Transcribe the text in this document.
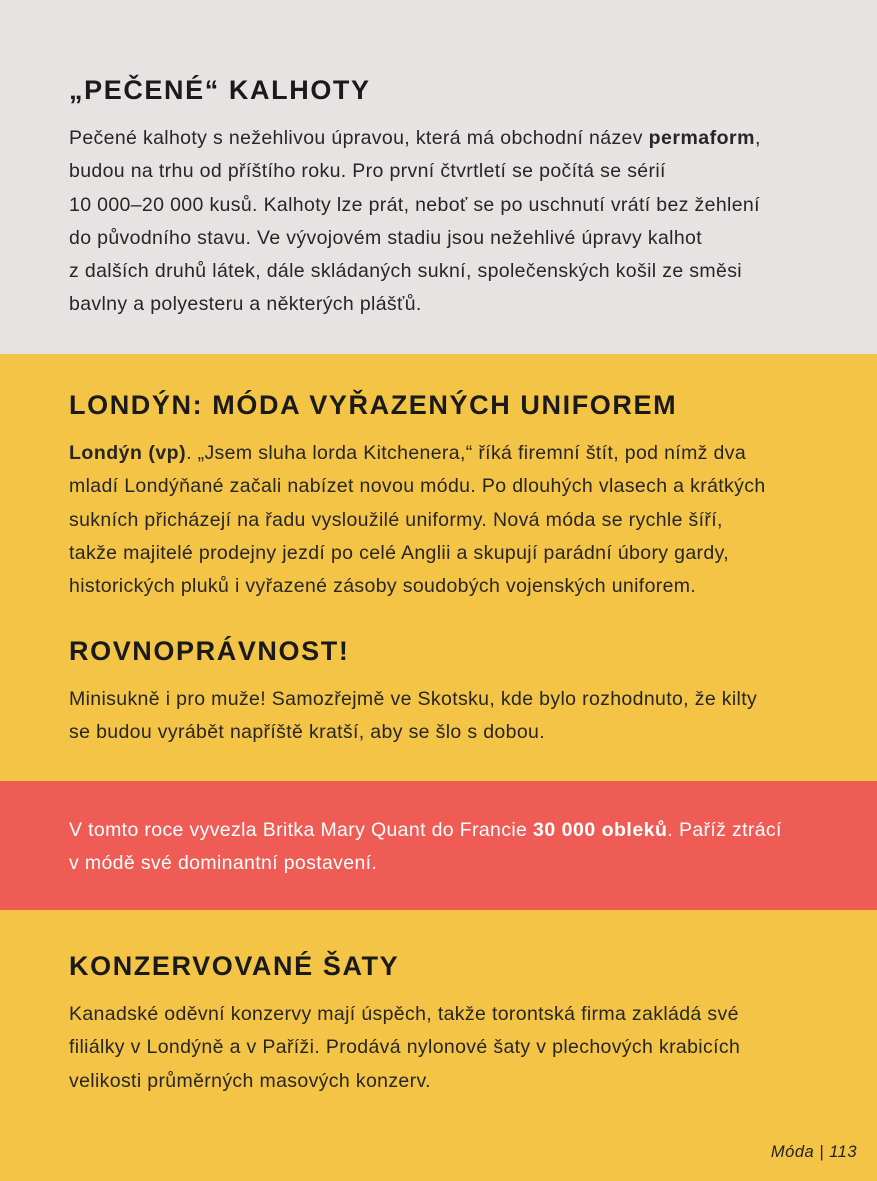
„PEČENÉ“ KALHOTY

Pečené kalhoty s nežehlivou úpravou, která má obchodní název permaform,
budou na trhu od příštího roku. Pro první čtvrtletí se počítá se sérií
10 000–20 000 kusů. Kalhoty lze prát, neboť se po uschnutí vrátí bez žehlení
do původního stavu. Ve vývojovém stadiu jsou nežehlivé úpravy kalhot
z dalších druhů látek, dále skládaných sukní, společenských košil ze směsi
bavlny a polyesteru a některých plášťů.

LONDÝN: MÓDA VYŘAZENÝCH UNIFOREM

Londýn (vp). „Jsem sluha lorda Kitchenera,“ říká firemní štít, pod nímž dva
mladí Londýňané začali nabízet novou módu. Po dlouhých vlasech a krátkých
sukních přicházejí na řadu vysloužilé uniformy. Nová móda se rychle šíří,
takže majitelé prodejny jezdí po celé Anglii a skupují parádní úbory gardy,
historických pluků i vyřazené zásoby soudobých vojenských uniforem.

ROVNOPRÁVNOST!

Minisukně i pro muže! Samozřejmě ve Skotsku, kde bylo rozhodnuto, že kilty
se budou vyrábět napříště kratší, aby se šlo s dobou.

V tomto roce vyvezla Britka Mary Quant do Francie 30 000 obleků. Paříž ztrácí
v módě své dominantní postavení.

KONZERVOVANÉ ŠATY

Kanadské oděvní konzervy mají úspěch, takže torontská firma zakládá své
filiálky v Londýně a v Paříži. Prodává nylonové šaty v plechových krabicích
velikosti průměrných masových konzerv.

Móda | 113
